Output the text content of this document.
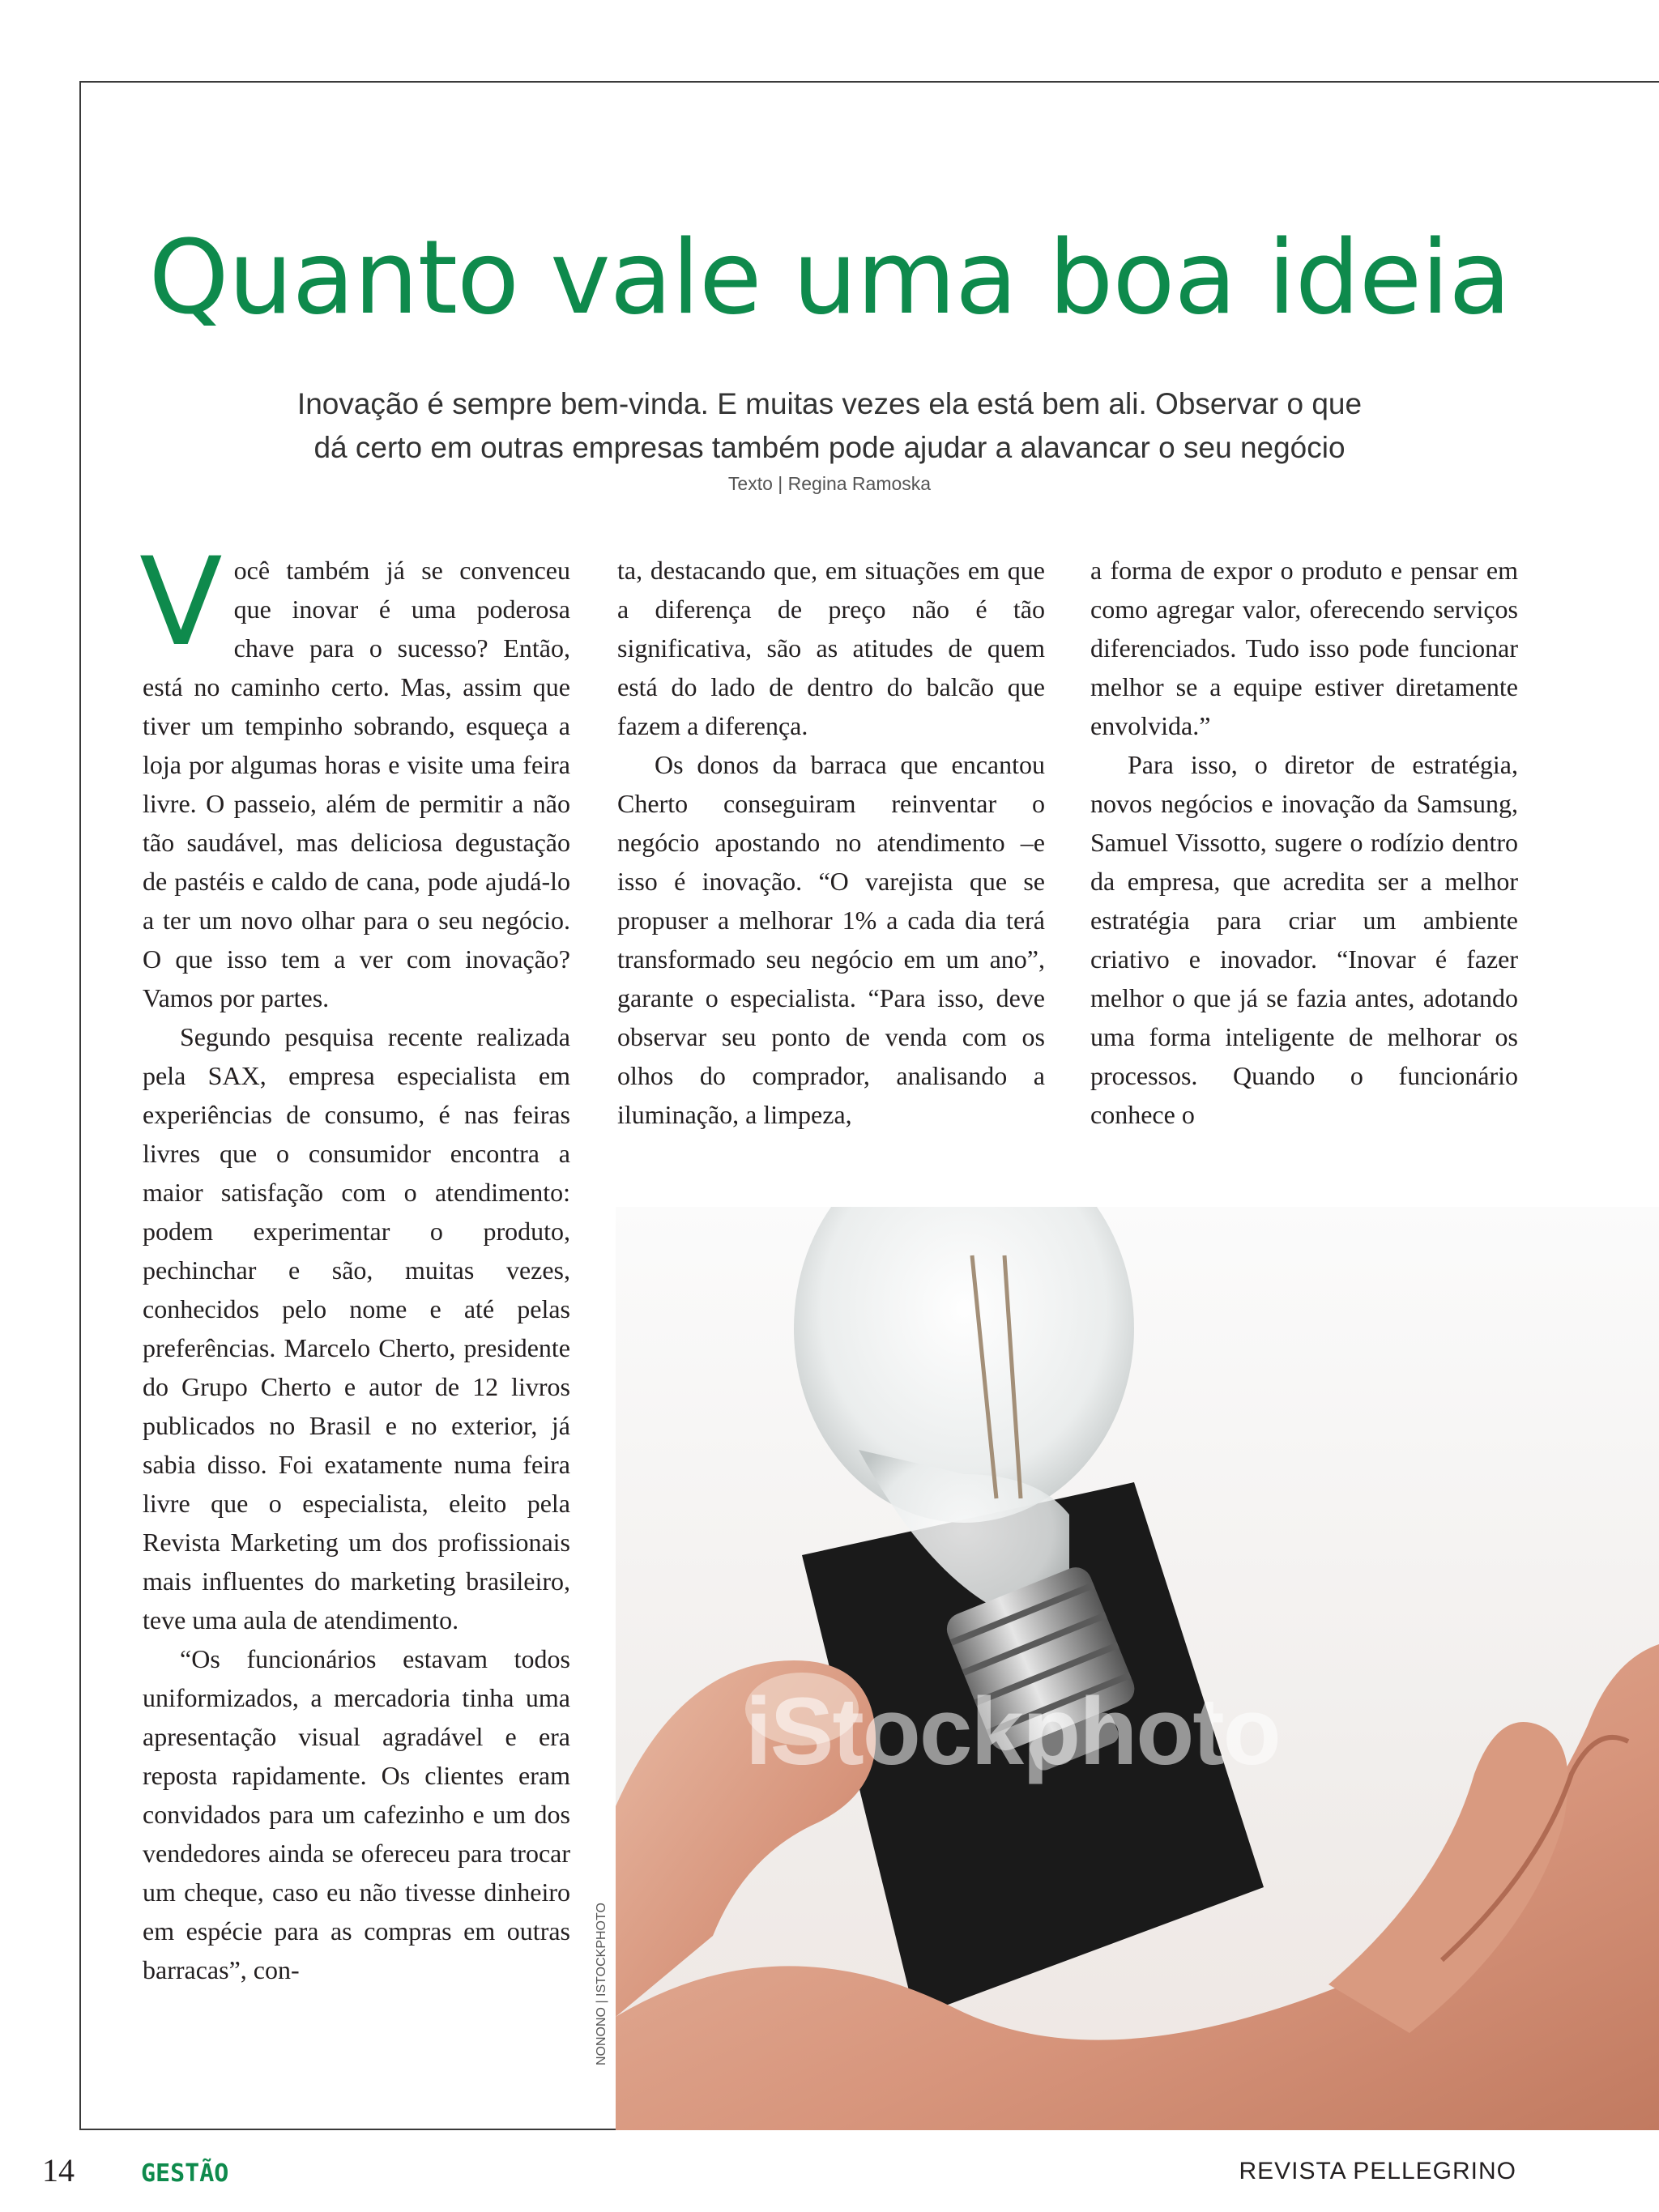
Quanto vale uma boa ideia
Inovação é sempre bem-vinda. E muitas vezes ela está bem ali. Observar o que
dá certo em outras empresas também pode ajudar a alavancar o seu negócio
Texto | Regina Ramoska

Você também já se convenceu que inovar é uma poderosa chave para o sucesso? Então, está no caminho certo. Mas, assim que tiver um tempinho sobrando, esqueça a loja por algumas horas e visite uma feira livre. O passeio, além de permitir a não tão saudável, mas deliciosa degustação de pastéis e caldo de cana, pode ajudá-lo a ter um novo olhar para o seu negócio. O que isso tem a ver com inovação? Vamos por partes.

Segundo pesquisa recente realizada pela SAX, empresa especialista em experiências de consumo, é nas feiras livres que o consumidor encontra a maior satisfação com o atendimento: podem experimentar o produto, pechinchar e são, muitas vezes, conhecidos pelo nome e até pelas preferências. Marcelo Cherto, presidente do Grupo Cherto e autor de 12 livros publicados no Brasil e no exterior, já sabia disso. Foi exatamente numa feira livre que o especialista, eleito pela Revista Marketing um dos profissionais mais influentes do marketing brasileiro, teve uma aula de atendimento.

“Os funcionários estavam todos uniformizados, a mercadoria tinha uma apresentação visual agradável e era reposta rapidamente. Os clientes eram convidados para um cafezinho e um dos vendedores ainda se ofereceu para trocar um cheque, caso eu não tivesse dinheiro em espécie para as compras em outras barracas”, con-

ta, destacando que, em situações em que a diferença de preço não é tão significativa, são as atitudes de quem está do lado de dentro do balcão que fazem a diferença.

Os donos da barraca que encantou Cherto conseguiram reinventar o negócio apostando no atendimento –e isso é inovação. “O varejista que se propuser a melhorar 1% a cada dia terá transformado seu negócio em um ano”, garante o especialista. “Para isso, deve observar seu ponto de venda com os olhos do comprador, analisando a iluminação, a limpeza,

a forma de expor o produto e pensar em como agregar valor, oferecendo serviços diferenciados. Tudo isso pode funcionar melhor se a equipe estiver diretamente envolvida.”

Para isso, o diretor de estratégia, novos negócios e inovação da Samsung, Samuel Vissotto, sugere o rodízio dentro da empresa, que acredita ser a melhor estratégia para criar um ambiente criativo e inovador. “Inovar é fazer melhor o que já se fazia antes, adotando uma forma inteligente de melhorar os processos. Quando o funcionário conhece o

iStockphoto
NONONO | ISTOCKPHOTO
14	GESTÃO	REVISTA PELLEGRINO
